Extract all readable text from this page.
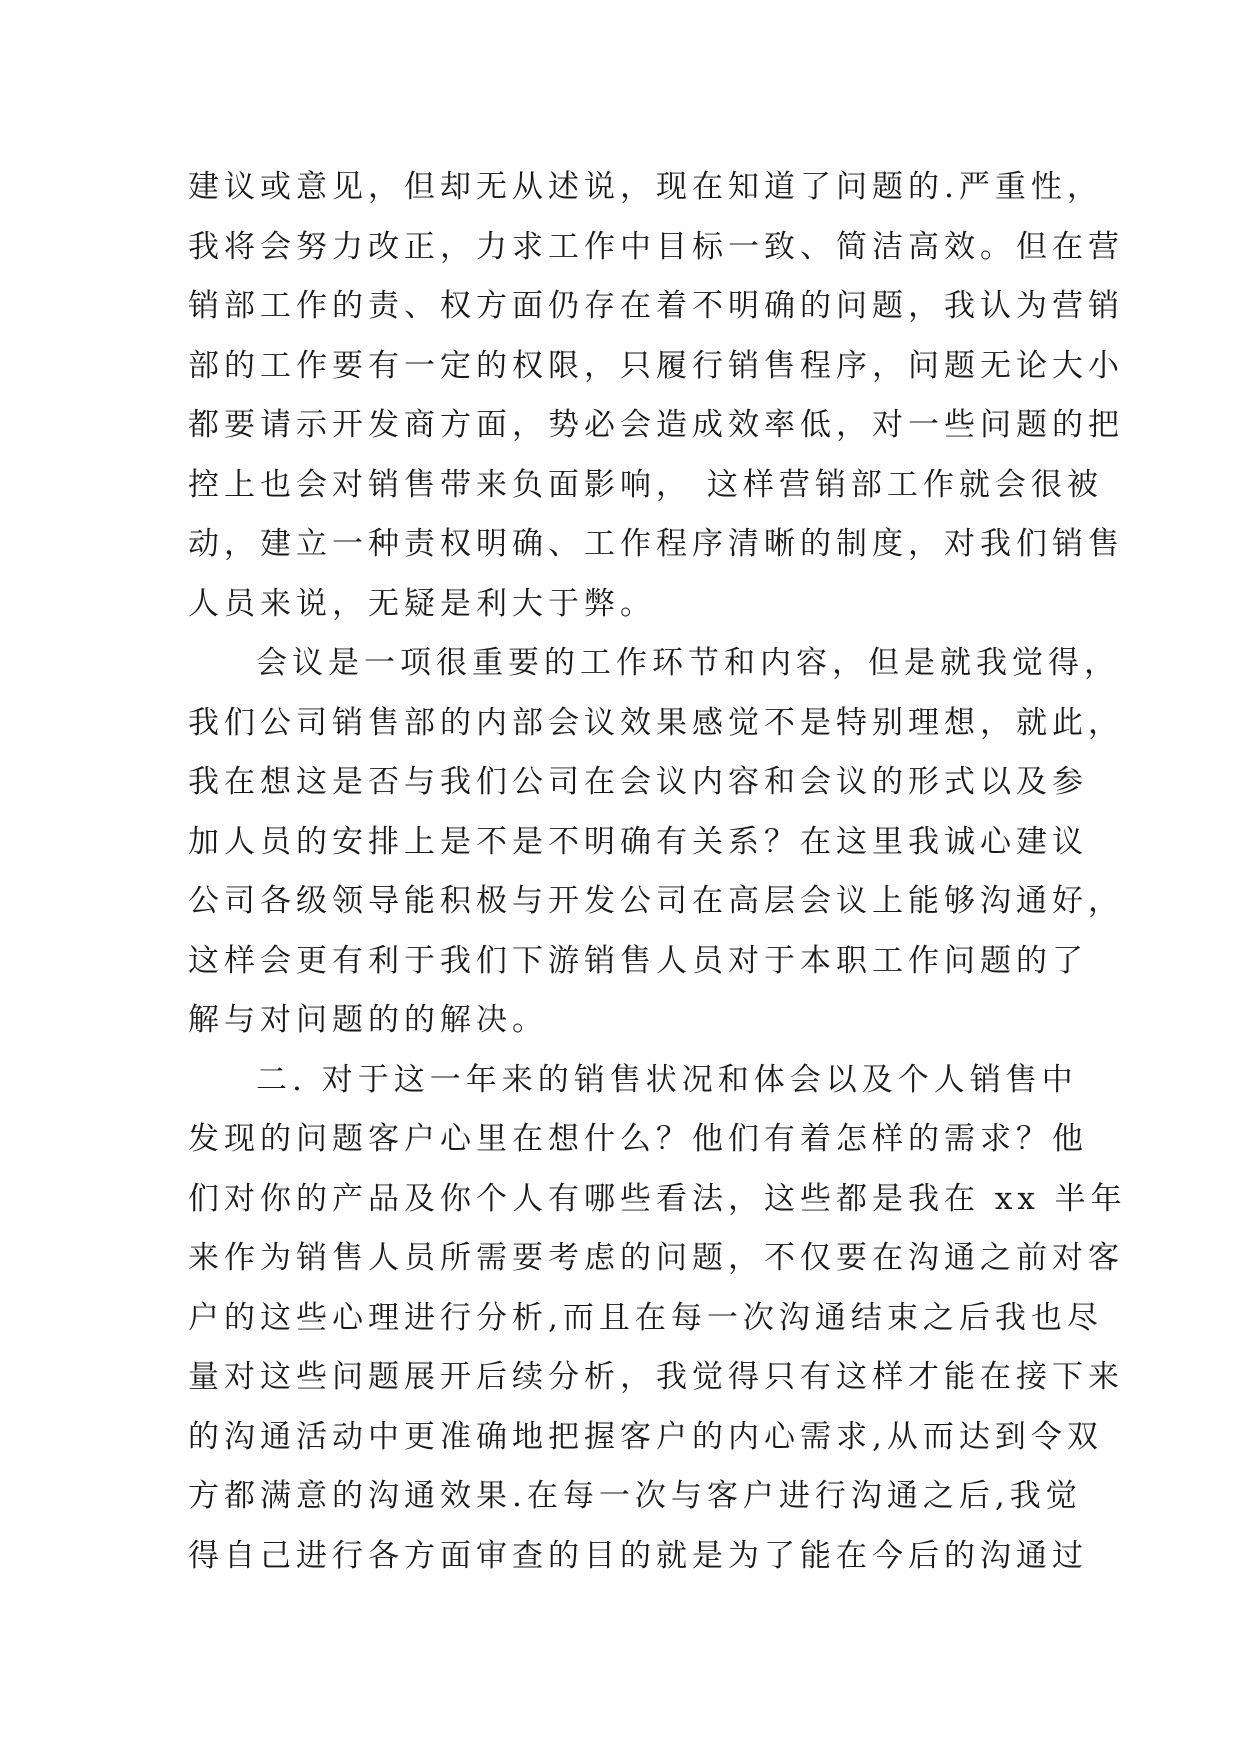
建议或意见，但却无从述说，现在知道了问题的.严重性，
我将会努力改正，力求工作中目标一致、简洁高效。但在营
销部工作的责、权方面仍存在着不明确的问题，我认为营销
部的工作要有一定的权限，只履行销售程序，问题无论大小
都要请示开发商方面，势必会造成效率低，对一些问题的把
控上也会对销售带来负面影响， 这样营销部工作就会很被
动，建立一种责权明确、工作程序清晰的制度，对我们销售
人员来说，无疑是利大于弊。
会议是一项很重要的工作环节和内容，但是就我觉得，
我们公司销售部的内部会议效果感觉不是特别理想，就此，
我在想这是否与我们公司在会议内容和会议的形式以及参
加人员的安排上是不是不明确有关系？在这里我诚心建议
公司各级领导能积极与开发公司在高层会议上能够沟通好，
这样会更有利于我们下游销售人员对于本职工作问题的了
解与对问题的的解决。
二. 对于这一年来的销售状况和体会以及个人销售中
发现的问题客户心里在想什么？他们有着怎样的需求？他
们对你的产品及你个人有哪些看法，这些都是我在 xx 半年
来作为销售人员所需要考虑的问题，不仅要在沟通之前对客
户的这些心理进行分析,而且在每一次沟通结束之后我也尽
量对这些问题展开后续分析，我觉得只有这样才能在接下来
的沟通活动中更准确地把握客户的内心需求,从而达到令双
方都满意的沟通效果.在每一次与客户进行沟通之后,我觉
得自己进行各方面审查的目的就是为了能在今后的沟通过
